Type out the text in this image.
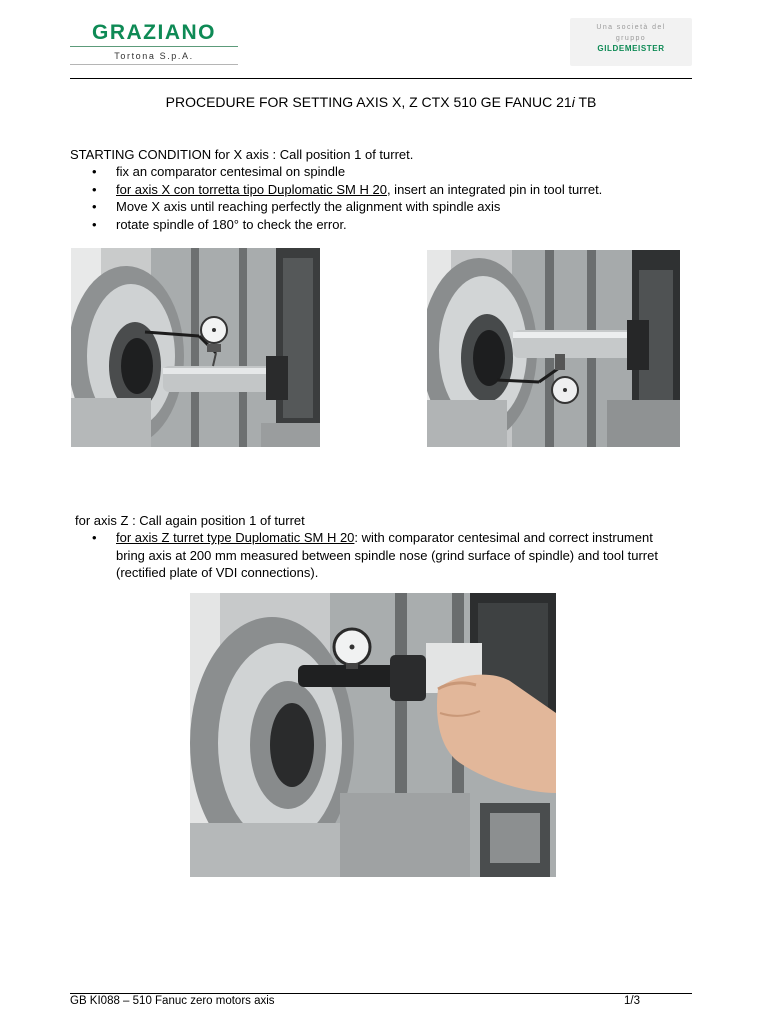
GRAZIANO
Tortona S.p.A.
Una società del
gruppo
GILDEMEISTER
PROCEDURE FOR SETTING AXIS X, Z CTX 510 GE FANUC 21i TB
STARTING CONDITION for X axis : Call position 1 of turret.
• fix an comparator centesimal on spindle
• for axis X con torretta tipo Duplomatic SM H 20, insert an integrated pin in tool turret.
• Move X axis until reaching perfectly the alignment with spindle axis
• rotate spindle of 180° to check the error.
for axis Z : Call again position 1 of turret
• for axis Z turret type Duplomatic SM H 20: with comparator centesimal and correct instrument
bring axis at 200 mm measured between spindle nose (grind surface of spindle) and tool turret
(rectified plate of VDI connections).
GB KI088 – 510 Fanuc zero motors axis	1/3
